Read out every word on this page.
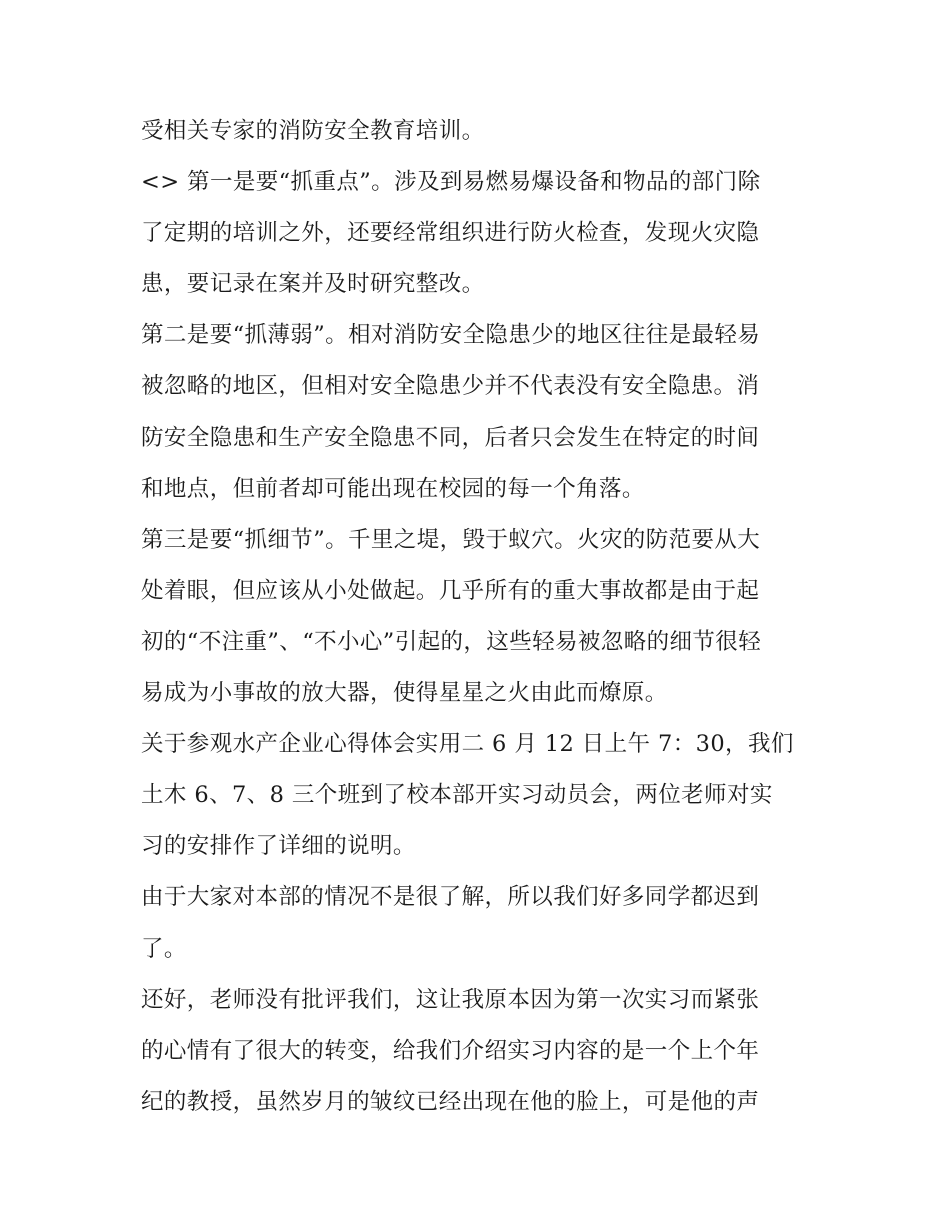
受相关专家的消防安全教育培训。
<> 第一是要“抓重点”。涉及到易燃易爆设备和物品的部门除
了定期的培训之外，还要经常组织进行防火检查，发现火灾隐
患，要记录在案并及时研究整改。
第二是要“抓薄弱”。相对消防安全隐患少的地区往往是最轻易
被忽略的地区，但相对安全隐患少并不代表没有安全隐患。消
防安全隐患和生产安全隐患不同，后者只会发生在特定的时间
和地点，但前者却可能出现在校园的每一个角落。
第三是要“抓细节”。千里之堤，毁于蚁穴。火灾的防范要从大
处着眼，但应该从小处做起。几乎所有的重大事故都是由于起
初的“不注重”、“不小心”引起的，这些轻易被忽略的细节很轻
易成为小事故的放大器，使得星星之火由此而燎原。
关于参观水产企业心得体会实用二 6 月 12 日上午 7：30，我们
土木 6、7、8 三个班到了校本部开实习动员会，两位老师对实
习的安排作了详细的说明。
由于大家对本部的情况不是很了解，所以我们好多同学都迟到
了。
还好，老师没有批评我们，这让我原本因为第一次实习而紧张
的心情有了很大的转变，给我们介绍实习内容的是一个上个年
纪的教授，虽然岁月的皱纹已经出现在他的脸上，可是他的声
